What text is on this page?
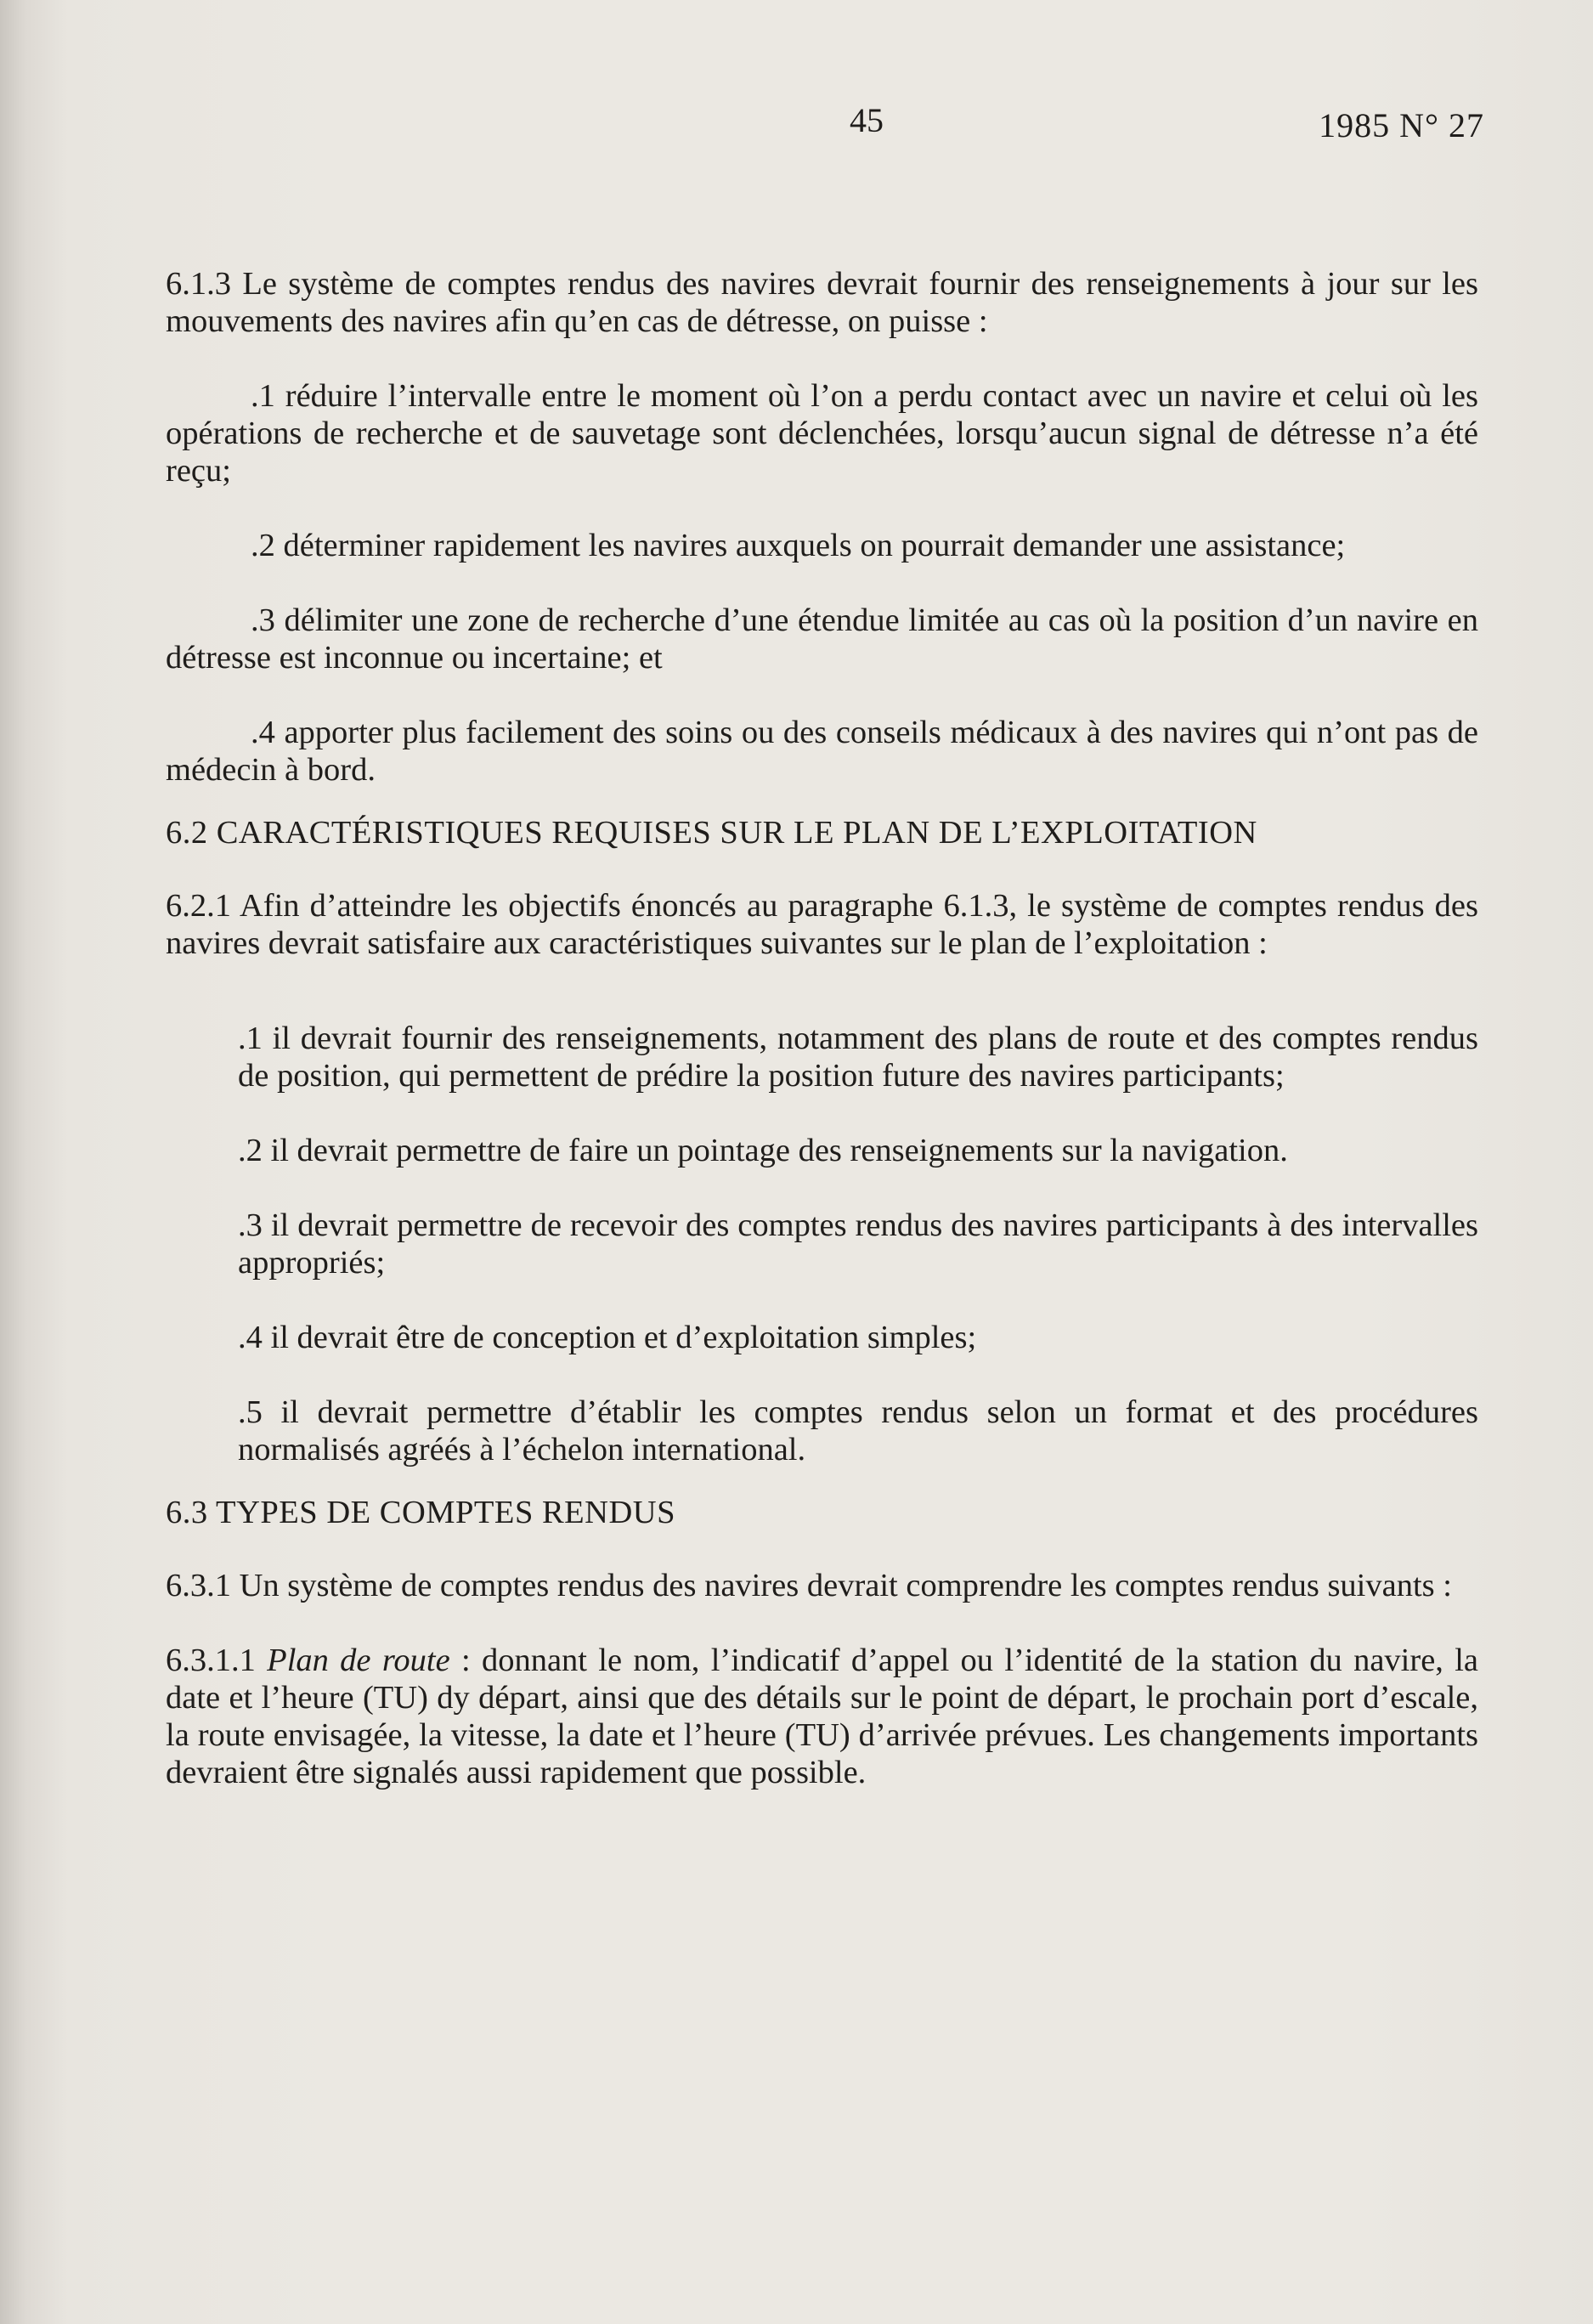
45	1985 N° 27

6.1.3 Le système de comptes rendus des navires devrait fournir des renseignements à jour sur les mouvements des navires afin qu’en cas de détresse, on puisse :

.1 réduire l’intervalle entre le moment où l’on a perdu contact avec un navire et celui où les opérations de recherche et de sauvetage sont déclenchées, lorsqu’aucun signal de détresse n’a été reçu;

.2 déterminer rapidement les navires auxquels on pourrait demander une assistance;

.3 délimiter une zone de recherche d’une étendue limitée au cas où la position d’un navire en détresse est inconnue ou incertaine; et

.4 apporter plus facilement des soins ou des conseils médicaux à des navires qui n’ont pas de médecin à bord.

6.2 CARACTÉRISTIQUES REQUISES SUR LE PLAN DE L’EXPLOITATION

6.2.1 Afin d’atteindre les objectifs énoncés au paragraphe 6.1.3, le système de comptes rendus des navires devrait satisfaire aux caractéristiques suivantes sur le plan de l’exploitation :

.1 il devrait fournir des renseignements, notamment des plans de route et des comptes rendus de position, qui permettent de prédire la position future des navires participants;

.2 il devrait permettre de faire un pointage des renseignements sur la navigation.

.3 il devrait permettre de recevoir des comptes rendus des navires participants à des intervalles appropriés;

.4 il devrait être de conception et d’exploitation simples;

.5 il devrait permettre d’établir les comptes rendus selon un format et des procédures normalisés agréés à l’échelon international.

6.3 TYPES DE COMPTES RENDUS

6.3.1 Un système de comptes rendus des navires devrait comprendre les comptes rendus suivants :

6.3.1.1 Plan de route : donnant le nom, l’indicatif d’appel ou l’identité de la station du navire, la date et l’heure (TU) dy départ, ainsi que des détails sur le point de départ, le prochain port d’escale, la route envisagée, la vitesse, la date et l’heure (TU) d’arrivée prévues. Les changements importants devraient être signalés aussi rapidement que possible.
